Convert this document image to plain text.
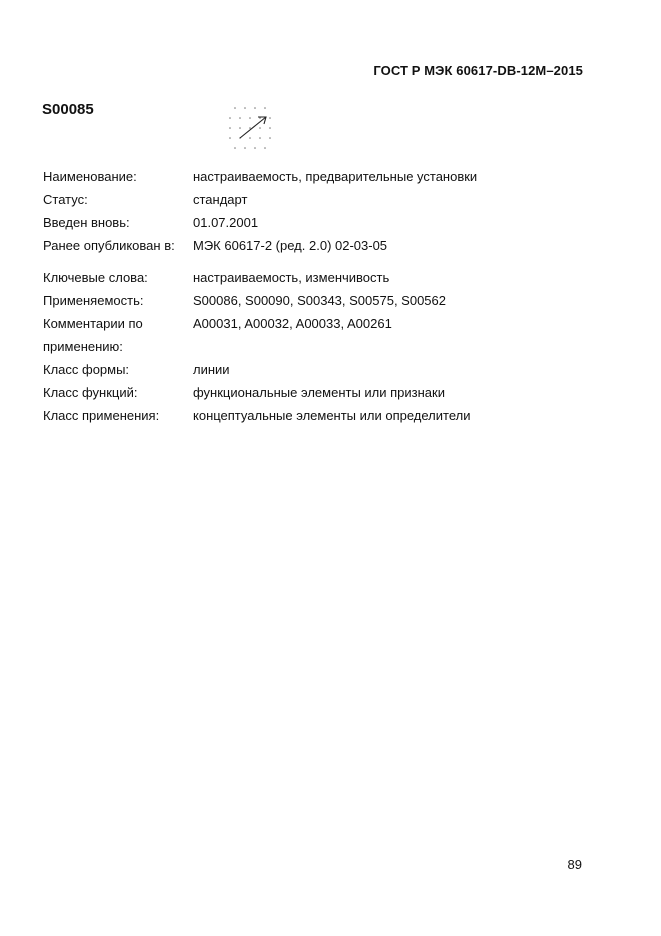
ГОСТ Р МЭК 60617-DB-12M–2015
S00085
Наименование:	настраиваемость, предварительные установки
Статус:	стандарт
Введен вновь:	01.07.2001
Ранее опубликован в:	МЭК 60617-2 (ред. 2.0) 02-03-05
Ключевые слова:	настраиваемость, изменчивость
Применяемость:	S00086, S00090, S00343, S00575, S00562
Комментарии по	A00031, A00032, A00033, A00261
применению:
Класс формы:	линии
Класс функций:	функциональные элементы или признаки
Класс применения:	концептуальные элементы или определители
89
